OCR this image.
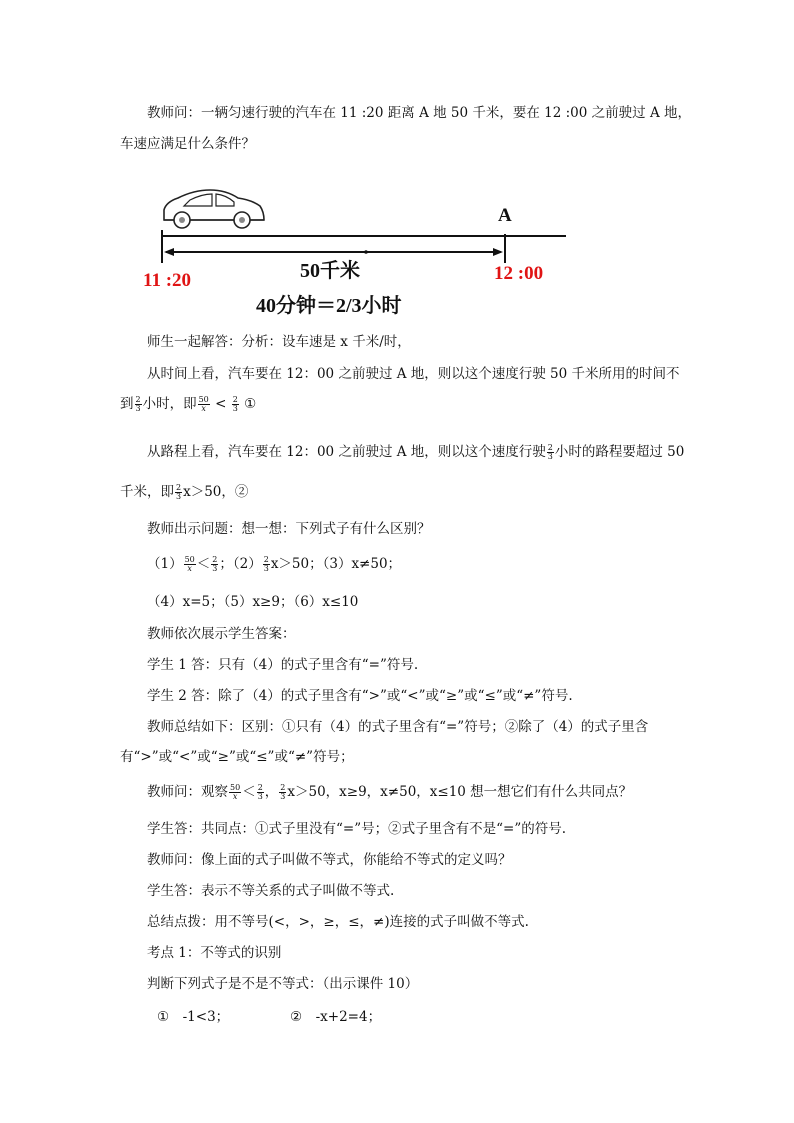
教师问：一辆匀速行驶的汽车在 11 :20 距离 A 地 50 千米，要在 12 :00 之前驶过 A 地，
车速应满足什么条件？
A
11 :20	12 :00
50千米
40分钟＝2/3小时
师生一起解答：分析：设车速是 x 千米/时，
从时间上看，汽车要在 12：00 之前驶过 A 地，则以这个速度行驶 50 千米所用的时间不
到 $\frac{2}{3}$ 小时，即 $\frac{50}{x} < \frac{2}{3}$ ①
从路程上看，汽车要在 12：00 之前驶过 A 地，则以这个速度行驶 $\frac{2}{3}$ 小时的路程要超过 50
千米，即 $\frac{2}{3} x>50$，②
教师出示问题：想一想：下列式子有什么区别？
$(1) \frac{50}{x} < \frac{2}{3}$ ；$(2) \frac{2}{3} x>50$；（3）x≠50；
（4）x=5；（5）x≥9；（6）x≤10
教师依次展示学生答案：
学生 1 答：只有（4）的式子里含有“=”符号.
学生 2 答：除了（4）的式子里含有“>”或“<”或“≥”或“≤”或“≠”符号.
教师总结如下：区别：①只有（4）的式子里含有“=”符号；②除了（4）的式子里含
有“>”或“<”或“≥”或“≤”或“≠”符号；
教师问：观察 $\frac{50}{x} < \frac{2}{3}$ ， $\frac{2}{3} x>50$，x≥9，x≠50，x≤10 想一想它们有什么共同点？
学生答：共同点：①式子里没有“=”号；②式子里含有不是“=”的符号.
教师问：像上面的式子叫做不等式，你能给不等式的定义吗？
学生答：表示不等关系的式子叫做不等式.
总结点拨：用不等号(<，>，≥，≤，≠)连接的式子叫做不等式.
考点 1：不等式的识别
判断下列式子是不是不等式：（出示课件 10）
①　-1<3；	②　-x+2=4；
